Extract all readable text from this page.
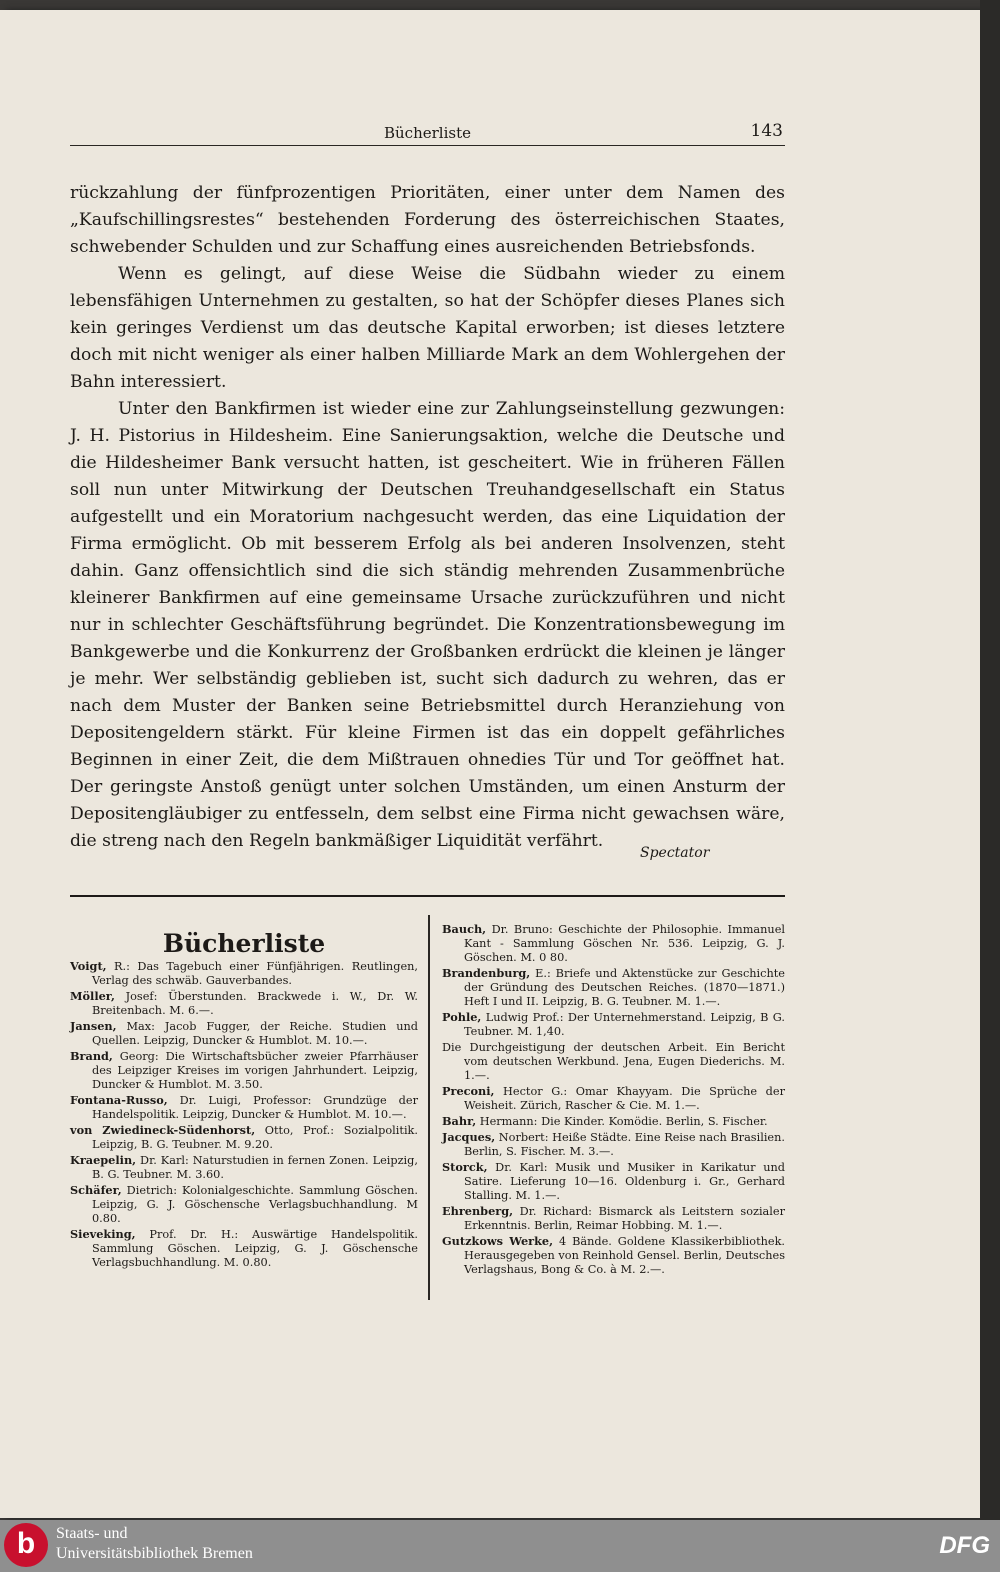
Bücherliste	143

rückzahlung der fünfprozentigen Prioritäten, einer unter dem Namen des „Kaufschillingsrestes“ bestehenden Forderung des österreichischen Staates, schwebender Schulden und zur Schaffung eines ausreichenden Betriebsfonds.

Wenn es gelingt, auf diese Weise die Südbahn wieder zu einem lebensfähigen Unternehmen zu gestalten, so hat der Schöpfer dieses Planes sich kein geringes Verdienst um das deutsche Kapital erworben; ist dieses letztere doch mit nicht weniger als einer halben Milliarde Mark an dem Wohlergehen der Bahn interessiert.

Unter den Bankfirmen ist wieder eine zur Zahlungseinstellung gezwungen: J. H. Pistorius in Hildesheim. Eine Sanierungsaktion, welche die Deutsche und die Hildesheimer Bank versucht hatten, ist gescheitert. Wie in früheren Fällen soll nun unter Mitwirkung der Deutschen Treuhandgesellschaft ein Status aufgestellt und ein Moratorium nachgesucht werden, das eine Liquidation der Firma ermöglicht. Ob mit besserem Erfolg als bei anderen Insolvenzen, steht dahin. Ganz offensichtlich sind die sich ständig mehrenden Zusammenbrüche kleinerer Bankfirmen auf eine gemeinsame Ursache zurückzuführen und nicht nur in schlechter Geschäftsführung begründet. Die Konzentrationsbewegung im Bankgewerbe und die Konkurrenz der Großbanken erdrückt die kleinen je länger je mehr. Wer selbständig geblieben ist, sucht sich dadurch zu wehren, das er nach dem Muster der Banken seine Betriebsmittel durch Heranziehung von Depositengeldern stärkt. Für kleine Firmen ist das ein doppelt gefährliches Beginnen in einer Zeit, die dem Mißtrauen ohnedies Tür und Tor geöffnet hat. Der geringste Anstoß genügt unter solchen Umständen, um einen Ansturm der Depositengläubiger zu entfesseln, dem selbst eine Firma nicht gewachsen wäre, die streng nach den Regeln bankmäßiger Liquidität verfährt.

Spectator
Bücherliste
Voigt, R.: Das Tagebuch einer Fünfjährigen. Reutlingen, Verlag des schwäb. Gauverbandes.
Möller, Josef: Überstunden. Brackwede i. W., Dr. W. Breitenbach. M. 6.—.
Jansen, Max: Jacob Fugger, der Reiche. Studien und Quellen. Leipzig, Duncker & Humblot. M. 10.—.
Brand, Georg: Die Wirtschaftsbücher zweier Pfarrhäuser des Leipziger Kreises im vorigen Jahrhundert. Leipzig, Duncker & Humblot. M. 3.50.
Fontana-Russo, Dr. Luigi, Professor: Grundzüge der Handelspolitik. Leipzig, Duncker & Humblot. M. 10.—.
von Zwiedineck-Südenhorst, Otto, Prof.: Sozialpolitik. Leipzig, B. G. Teubner. M. 9.20.
Kraepelin, Dr. Karl: Naturstudien in fernen Zonen. Leipzig, B. G. Teubner. M. 3.60.
Schäfer, Dietrich: Kolonialgeschichte. Sammlung Göschen. Leipzig, G. J. Göschensche Verlagsbuchhandlung. M 0.80.
Sieveking, Prof. Dr. H.: Auswärtige Handelspolitik. Sammlung Göschen. Leipzig, G. J. Göschensche Verlagsbuchhandlung. M. 0.80.
Bauch, Dr. Bruno: Geschichte der Philosophie. Immanuel Kant - Sammlung Göschen Nr. 536. Leipzig, G. J. Göschen. M. 0 80.
Brandenburg, E.: Briefe und Aktenstücke zur Geschichte der Gründung des Deutschen Reiches. (1870—1871.) Heft I und II. Leipzig, B. G. Teubner. M. 1.—.
Pohle, Ludwig Prof.: Der Unternehmerstand. Leipzig, B G. Teubner. M. 1,40.
Die Durchgeistigung der deutschen Arbeit. Ein Bericht vom deutschen Werkbund. Jena, Eugen Diederichs. M. 1.—.
Preconi, Hector G.: Omar Khayyam. Die Sprüche der Weisheit. Zürich, Rascher & Cie. M. 1.—.
Bahr, Hermann: Die Kinder. Komödie. Berlin, S. Fischer.
Jacques, Norbert: Heiße Städte. Eine Reise nach Brasilien. Berlin, S. Fischer. M. 3.—.
Storck, Dr. Karl: Musik und Musiker in Karikatur und Satire. Lieferung 10—16. Oldenburg i. Gr., Gerhard Stalling. M. 1.—.
Ehrenberg, Dr. Richard: Bismarck als Leitstern sozialer Erkenntnis. Berlin, Reimar Hobbing. M. 1.—.
Gutzkows Werke, 4 Bände. Goldene Klassikerbibliothek. Herausgegeben von Reinhold Gensel. Berlin, Deutsches Verlagshaus, Bong & Co. à M. 2.—.
b	Staats- und
Universitätsbibliothek Bremen	DFG
